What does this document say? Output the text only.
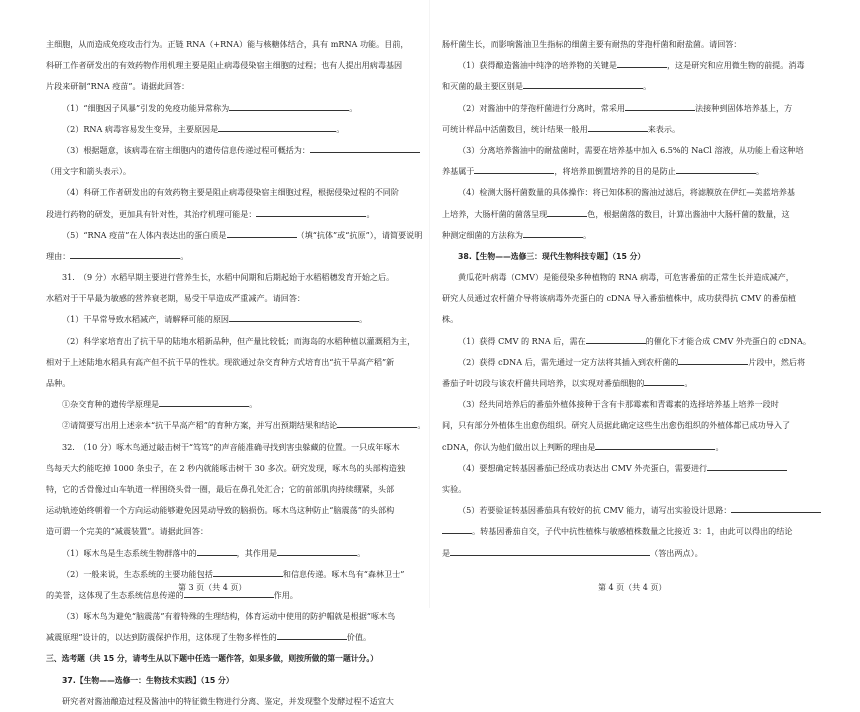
主细胞，从而造成免疫攻击行为。正链 RNA（+RNA）能与核糖体结合，具有 mRNA 功能。目前，
科研工作者研发出的有效药物作用机理主要是阻止病毒侵染宿主细胞的过程；也有人提出用病毒基因
片段来研制“RNA 疫苗”。请据此回答：
（1）“细胞因子风暴”引发的免疫功能异常称为	。
（2）RNA 病毒容易发生变异，主要原因是	。
（3）根据题意，该病毒在宿主细胞内的遗传信息传递过程可概括为：
（用文字和箭头表示）。
（4）科研工作者研发出的有效药物主要是阻止病毒侵染宿主细胞过程，根据侵染过程的不同阶
段进行药物的研发，更加具有针对性，其治疗机理可能是：	。
（5）“RNA 疫苗”在人体内表达出的蛋白质是	（填“抗体”或“抗原”），请简要说明
理由：	。
31.　（9 分）水稻早期主要进行营养生长，水稻中间期和后期起始于水稻稻穗发育开始之后。
水稻对于干旱最为敏感的营养衰老期，易受干旱造成严重减产。请回答：
（1）干旱常导致水稻减产，请解释可能的原因	。
（2）科学家培育出了抗干旱的陆地水稻新品种，但产量比较低；而海岛的水稻种植以灌溉稻为主，
相对于上述陆地水稻具有高产但不抗干旱的性状。现欲通过杂交育种方式培育出“抗干旱高产稻”新
品种。
①杂交育种的遗传学原理是	。
②请简要写出用上述亲本“抗干旱高产稻”的育种方案，并写出预期结果和结论	。
32.　（10 分）啄木鸟通过敲击树干“笃笃”的声音能准确寻找到害虫躲藏的位置。一只成年啄木
鸟每天大约能吃掉 1000 条虫子，在 2 秒内就能啄击树干 30 多次。研究发现，啄木鸟的头部构造独
特，它的舌骨像过山车轨道一样围绕头骨一圈，最后在鼻孔处汇合；它的前部肌肉持续绷紧，头部
运动轨迹始终朝着一个方向运动能够避免因晃动导致的脑损伤。啄木鸟这种防止“脑震荡”的头部构
造可谓一个完美的“减震装置”。请据此回答：
（1）啄木鸟是生态系统生物群落中的	，其作用是	。
（2）一般来说，生态系统的主要功能包括	和信息传递。啄木鸟有“森林卫士”
的美誉，这体现了生态系统信息传递的	作用。
（3）啄木鸟为避免“脑震荡”有着特殊的生理结构，体育运动中使用的防护帽就是根据“啄木鸟
减震原理”设计的，以达到防震保护作用，这体现了生物多样性的	价值。
三、选考题（共 15 分，请考生从以下题中任选一题作答，如果多做，则按所做的第一题计分。）
37.【生物——选修一：生物技术实践】（15 分）
研究者对酱油酿造过程及酱油中的特征微生物进行分离、鉴定，并发现整个发酵过程不适宜大
第 3 页（共 4 页）
肠杆菌生长，而影响酱油卫生指标的细菌主要有耐热的芽孢杆菌和耐盐菌。请回答：
（1）获得酿造酱油中纯净的培养物的关键是	，这是研究和应用微生物的前提。消毒
和灭菌的最主要区别是	。
（2）对酱油中的芽孢杆菌进行分离时，常采用	法接种到固体培养基上，方
可统计样品中活菌数目，统计结果一般用	来表示。
（3）分离培养酱油中的耐盐菌时，需要在培养基中加入 6.5%的 NaCl 溶液，从功能上看这种培
养基属于	，将培养皿倒置培养的目的是防止	。
（4）检测大肠杆菌数量的具体操作：将已知体积的酱油过滤后，将滤膜放在伊红—美蓝培养基
上培养，大肠杆菌的菌落呈现	色，根据菌落的数目，计算出酱油中大肠杆菌的数量，这
种测定细菌的方法称为	。
38.【生物——选修三：现代生物科技专题】（15 分）
黄瓜花叶病毒（CMV）是能侵染多种植物的 RNA 病毒，可危害番茄的正常生长并造成减产，
研究人员通过农杆菌介导将该病毒外壳蛋白的 cDNA 导入番茄植株中，成功获得抗 CMV 的番茄植
株。
（1）获得 CMV 的 RNA 后，需在	的催化下才能合成 CMV 外壳蛋白的 cDNA。
（2）获得 cDNA 后，需先通过一定方法将其插入到农杆菌的	片段中，然后将
番茄子叶切段与该农杆菌共同培养，以实现对番茄细胞的	。
（3）经共同培养后的番茄外植体接种于含有卡那霉素和青霉素的选择培养基上培养一段时
间，只有部分外植体生出愈伤组织。研究人员据此确定这些生出愈伤组织的外植体都已成功导入了
cDNA，你认为他们做出以上判断的理由是	。
（4）要想确定转基因番茄已经成功表达出 CMV 外壳蛋白，需要进行
实验。
（5）若要验证转基因番茄具有较好的抗 CMV 能力，请写出实验设计思路：
。转基因番茄自交，子代中抗性植株与敏感植株数量之比接近 3：1，由此可以得出的结论
是	（答出两点）。
第 4 页（共 4 页）
